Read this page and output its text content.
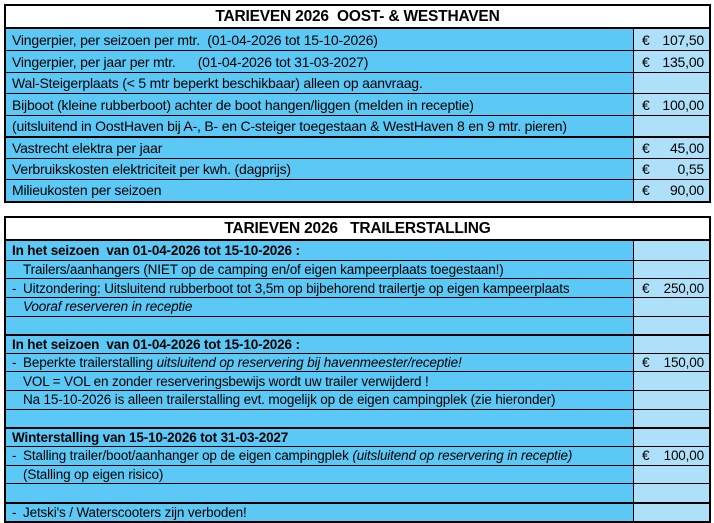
TARIEVEN 2026  OOST- & WESTHAVEN
Vingerpier, per seizoen per mtr.  (01-04-2026 tot 15-10-2026)	€ 107,50
Vingerpier, per jaar per mtr.      (01-04-2026 tot 31-03-2027)	€ 135,00
Wal-Steigerplaats (< 5 mtr beperkt beschikbaar) alleen op aanvraag.
Bijboot (kleine rubberboot) achter de boot hangen/liggen (melden in receptie)	€ 100,00
(uitsluitend in OostHaven bij A-, B- en C-steiger toegestaan & WestHaven 8 en 9 mtr. pieren)
Vastrecht elektra per jaar	€ 45,00
Verbruikskosten elektriciteit per kwh. (dagprijs)	€ 0,55
Milieukosten per seizoen	€ 90,00
TARIEVEN 2026   TRAILERSTALLING
In het seizoen  van 01-04-2026 tot 15-10-2026 :
Trailers/aanhangers (NIET op de camping en/of eigen kampeerplaats toegestaan!)
- Uitzondering: Uitsluitend rubberboot tot 3,5m op bijbehorend trailertje op eigen kampeerplaats	€ 250,00
Vooraf reserveren in receptie
In het seizoen  van 01-04-2026 tot 15-10-2026 :
- Beperkte trailerstalling uitsluitend op reservering bij havenmeester/receptie!	€ 150,00
VOL = VOL en zonder reserveringsbewijs wordt uw trailer verwijderd !
Na 15-10-2026 is alleen trailerstalling evt. mogelijk op de eigen campingplek (zie hieronder)
Winterstalling van 15-10-2026 tot 31-03-2027
- Stalling trailer/boot/aanhanger op de eigen campingplek (uitsluitend op reservering in receptie)	€ 100,00
(Stalling op eigen risico)
- Jetski's / Waterscooters zijn verboden!
